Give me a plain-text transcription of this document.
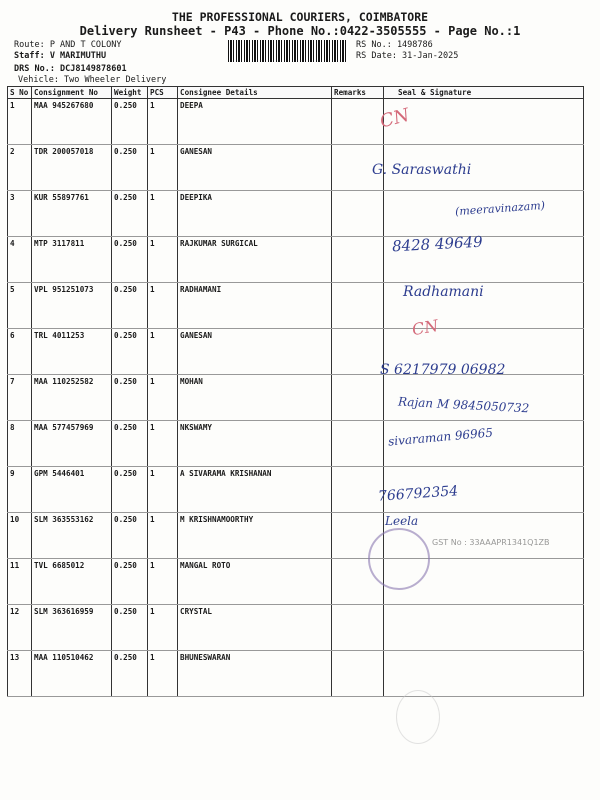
THE PROFESSIONAL COURIERS, COIMBATORE
Delivery Runsheet - P43 - Phone No.:0422-3505555 - Page No.:1
Route: P AND T COLONY
Staff: V MARIMUTHU
DRS No.: DCJ8149878601
Vehicle: Two Wheeler Delivery
RS No.: 1498786
RS Date: 31-Jan-2025
S No	Consignment No	Weight	PCS	Consignee Details	Remarks	Seal & Signature
1	MAA 945267680	0.250	1	DEEPA		
2	TDR 200057018	0.250	1	GANESAN		
3	KUR 55897761	0.250	1	DEEPIKA		
4	MTP 3117811	0.250	1	RAJKUMAR SURGICAL		
5	VPL 951251073	0.250	1	RADHAMANI		
6	TRL 4011253	0.250	1	GANESAN		
7	MAA 110252582	0.250	1	MOHAN		
8	MAA 577457969	0.250	1	NKSWAMY		
9	GPM 5446401	0.250	1	A SIVARAMA KRISHANAN		
10	SLM 363553162	0.250	1	M KRISHNAMOORTHY		
11	TVL 6685012	0.250	1	MANGAL ROTO		
12	SLM 363616959	0.250	1	CRYSTAL		
13	MAA 110510462	0.250	1	BHUNESWARAN		
CN
G. Saraswathi
(meeravinazam)
8428 49649
Radhamani
CN
S 6217979 06982
Rajan M 9845050732
sivaraman 96965
766792354
Leela
GST No : 33AAAPR1341Q1ZB
